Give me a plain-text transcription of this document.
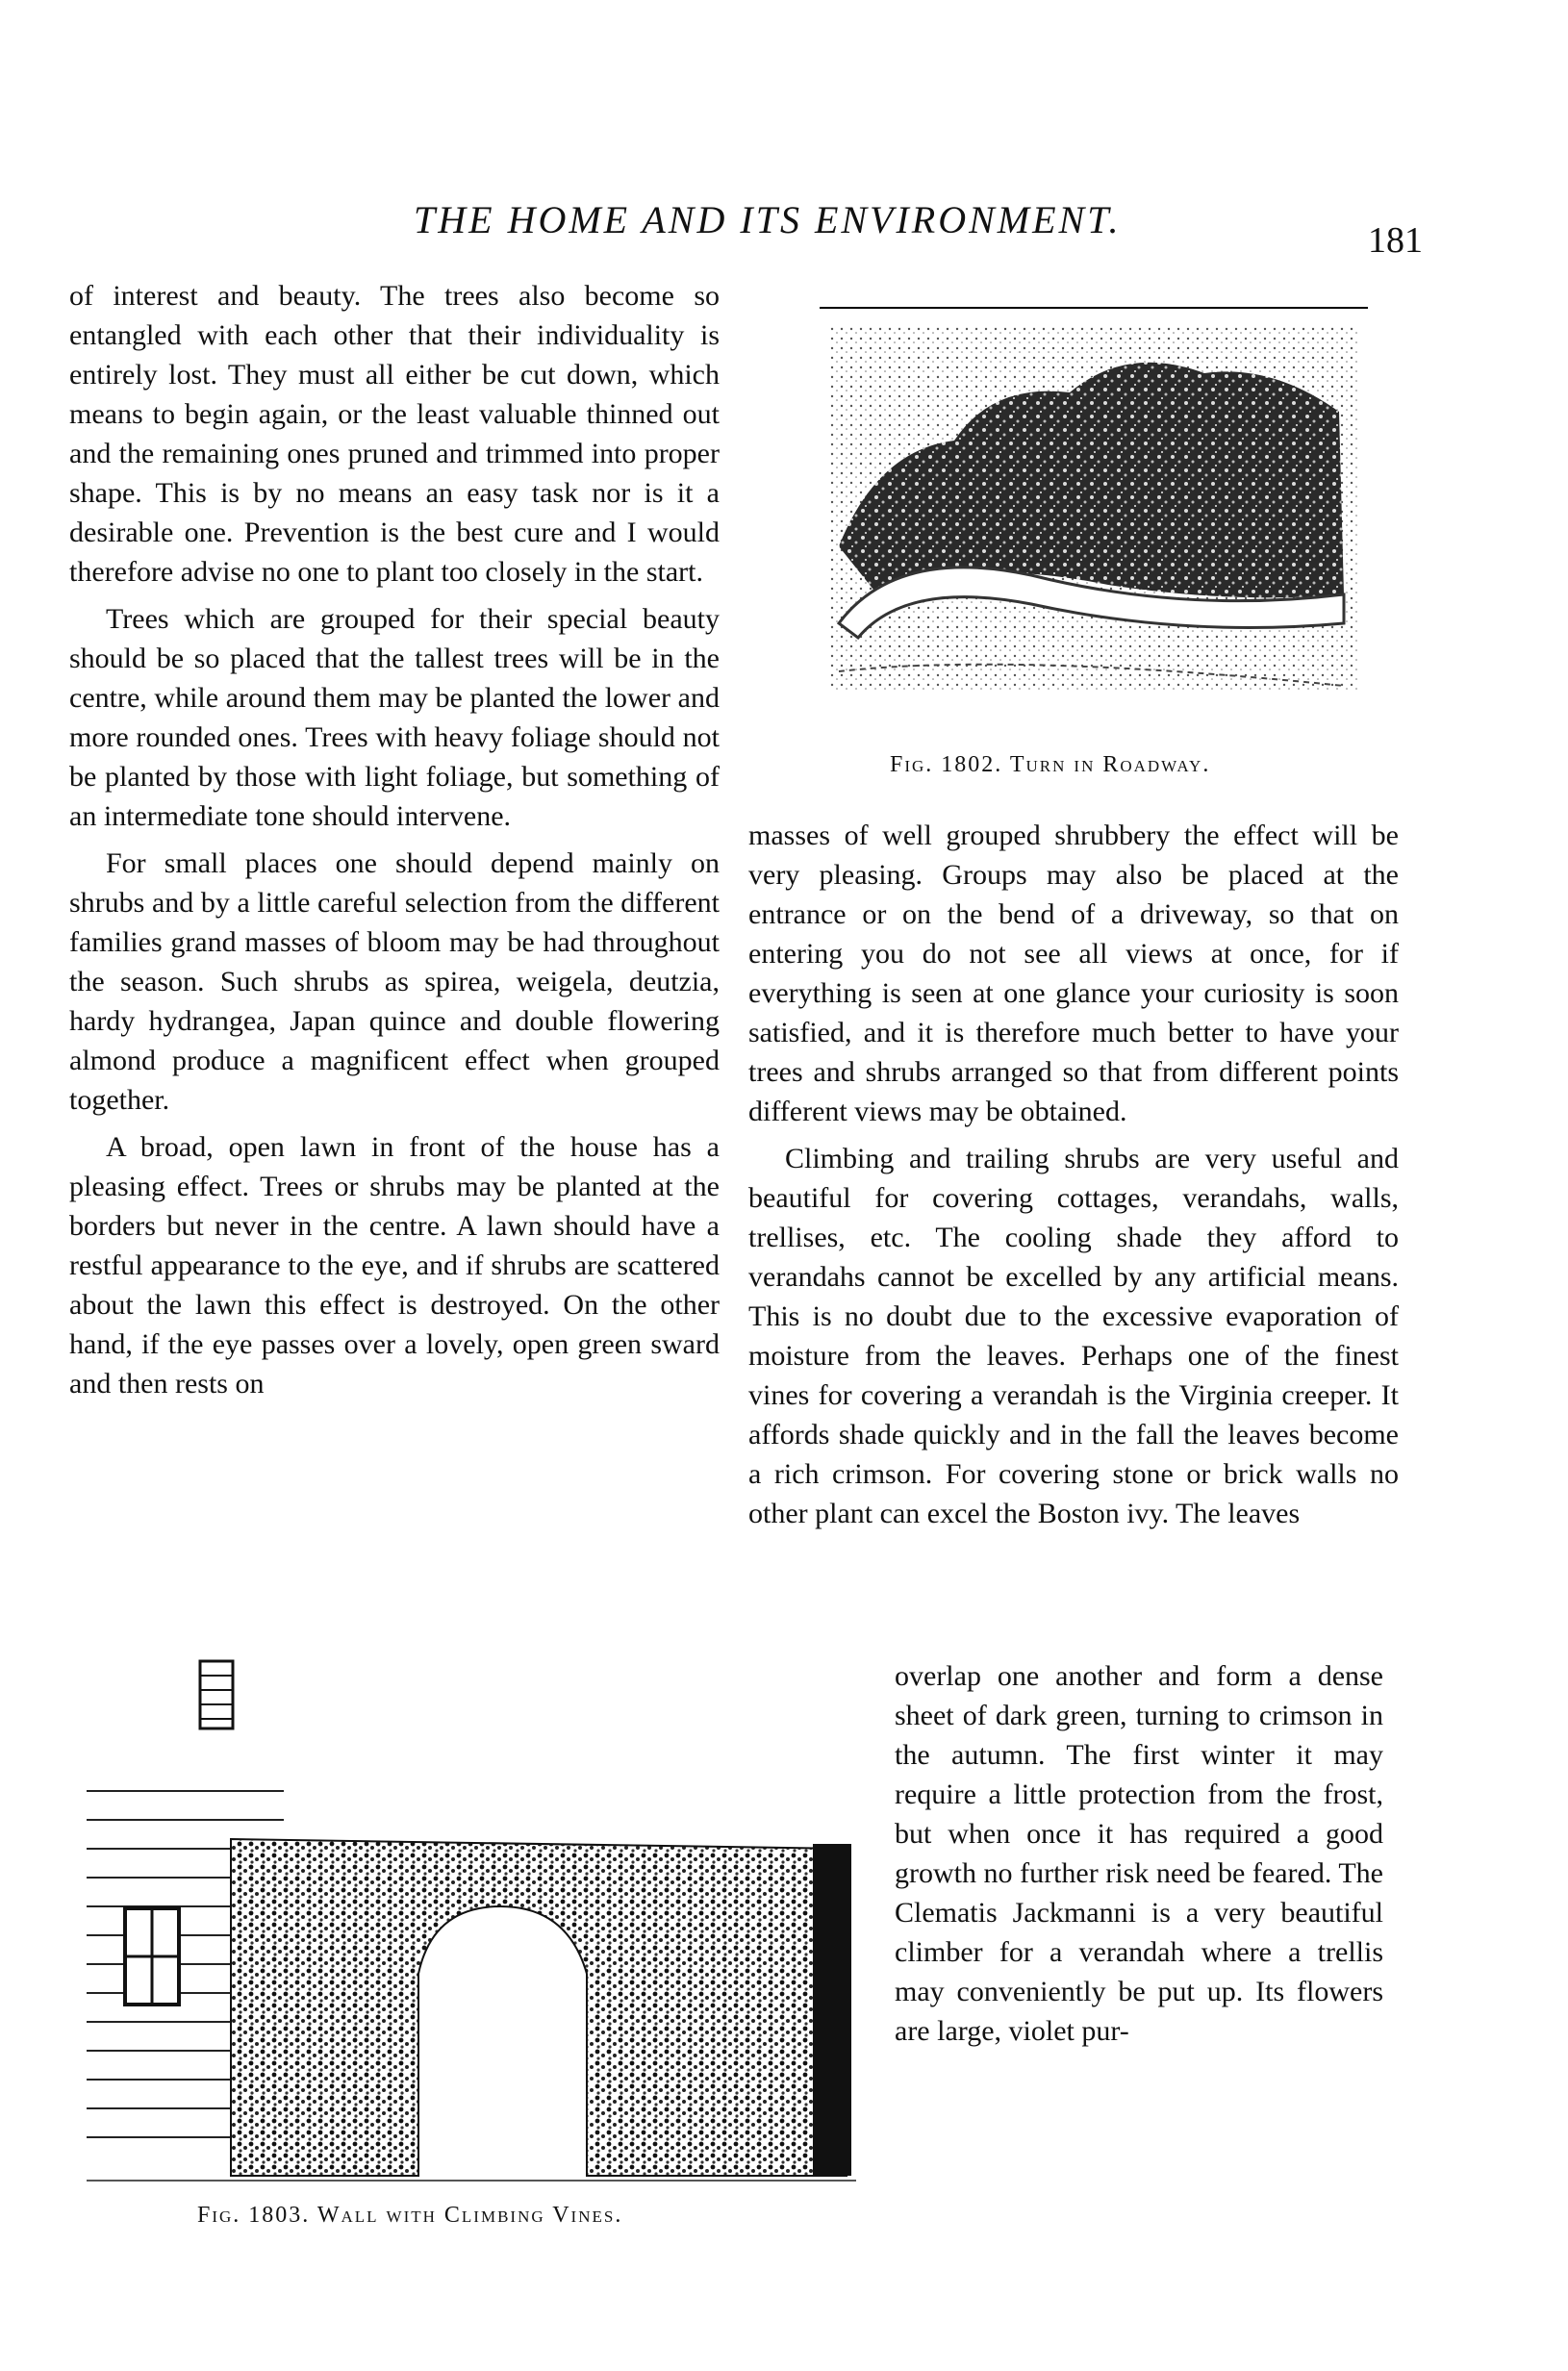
THE HOME AND ITS ENVIRONMENT.	181

of interest and beauty. The trees also become so entangled with each other that their individuality is entirely lost. They must all either be cut down, which means to begin again, or the least valuable thinned out and the remaining ones pruned and trimmed into proper shape. This is by no means an easy task nor is it a desirable one. Prevention is the best cure and I would therefore advise no one to plant too closely in the start.

Trees which are grouped for their special beauty should be so placed that the tallest trees will be in the centre, while around them may be planted the lower and more rounded ones. Trees with heavy foliage should not be planted by those with light foliage, but something of an intermediate tone should intervene.

For small places one should depend mainly on shrubs and by a little careful selection from the different families grand masses of bloom may be had throughout the season. Such shrubs as spirea, weigela, deutzia, hardy hydrangea, Japan quince and double flowering almond produce a magnificent effect when grouped together.

A broad, open lawn in front of the house has a pleasing effect. Trees or shrubs may be planted at the borders but never in the centre. A lawn should have a restful appearance to the eye, and if shrubs are scattered about the lawn this effect is destroyed. On the other hand, if the eye passes over a lovely, open green sward and then rests on

Fig. 1802. Turn in Roadway.

masses of well grouped shrubbery the effect will be very pleasing. Groups may also be placed at the entrance or on the bend of a driveway, so that on entering you do not see all views at once, for if everything is seen at one glance your curiosity is soon satisfied, and it is therefore much better to have your trees and shrubs arranged so that from different points different views may be obtained.

Climbing and trailing shrubs are very useful and beautiful for covering cottages, verandahs, walls, trellises, etc. The cooling shade they afford to verandahs cannot be excelled by any artificial means. This is no doubt due to the excessive evaporation of moisture from the leaves. Perhaps one of the finest vines for covering a verandah is the Virginia creeper. It affords shade quickly and in the fall the leaves become a rich crimson. For covering stone or brick walls no other plant can excel the Boston ivy. The leaves

overlap one another and form a dense sheet of dark green, turning to crimson in the autumn. The first winter it may require a little protection from the frost, but when once it has required a good growth no further risk need be feared. The Clematis Jackmanni is a very beautiful climber for a verandah where a trellis may conveniently be put up. Its flowers are large, violet pur-

Fig. 1803. Wall with Climbing Vines.
